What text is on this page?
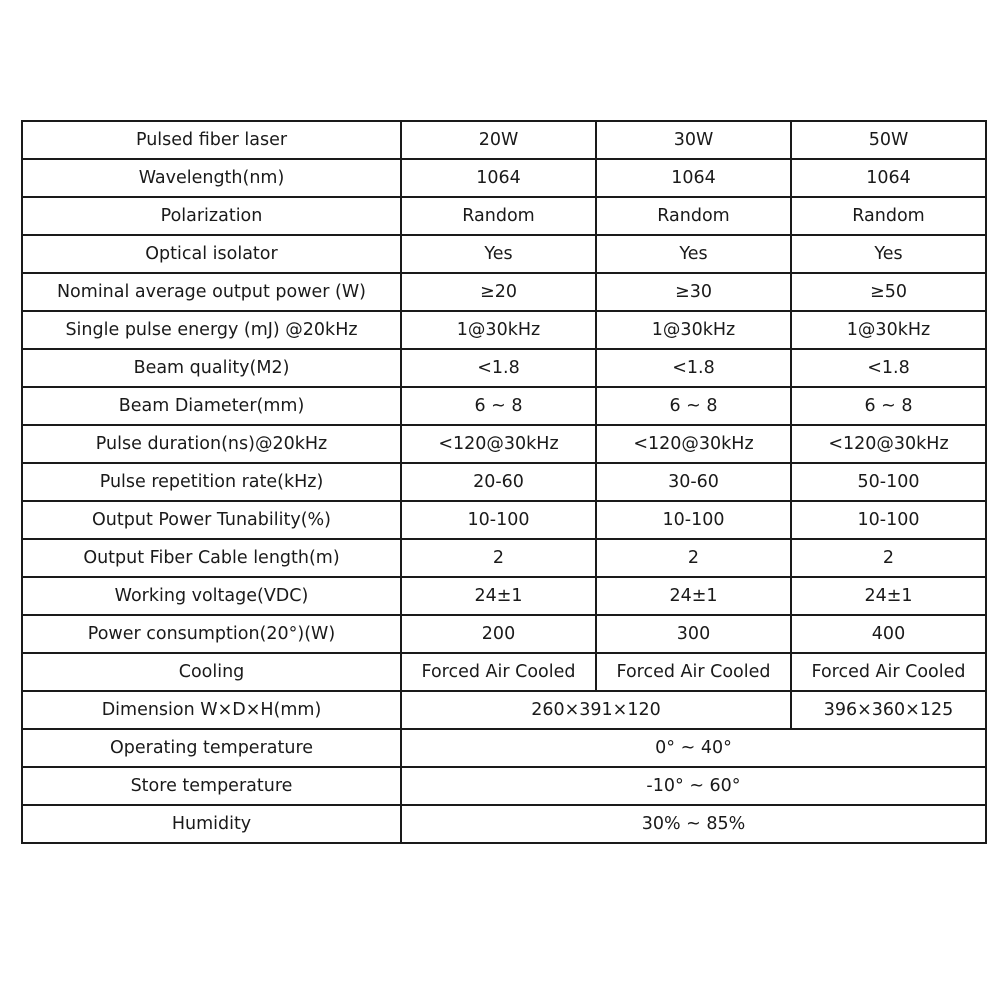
Pulsed fiber laser	20W	30W	50W
Wavelength(nm)	1064	1064	1064
Polarization	Random	Random	Random
Optical isolator	Yes	Yes	Yes
Nominal average output power (W)	≥20	≥30	≥50
Single pulse energy (mJ) @20kHz	1@30kHz	1@30kHz	1@30kHz
Beam quality(M2)	<1.8	<1.8	<1.8
Beam Diameter(mm)	6 ~ 8	6 ~ 8	6 ~ 8
Pulse duration(ns)@20kHz	<120@30kHz	<120@30kHz	<120@30kHz
Pulse repetition rate(kHz)	20-60	30-60	50-100
Output Power Tunability(%)	10-100	10-100	10-100
Output Fiber Cable length(m)	2	2	2
Working voltage(VDC)	24±1	24±1	24±1
Power consumption(20°)(W)	200	300	400
Cooling	Forced Air Cooled	Forced Air Cooled	Forced Air Cooled
Dimension W×D×H(mm)	260×391×120		396×360×125
Operating temperature	0° ~ 40°		
Store temperature	-10° ~ 60°		
Humidity	30% ~ 85%		
